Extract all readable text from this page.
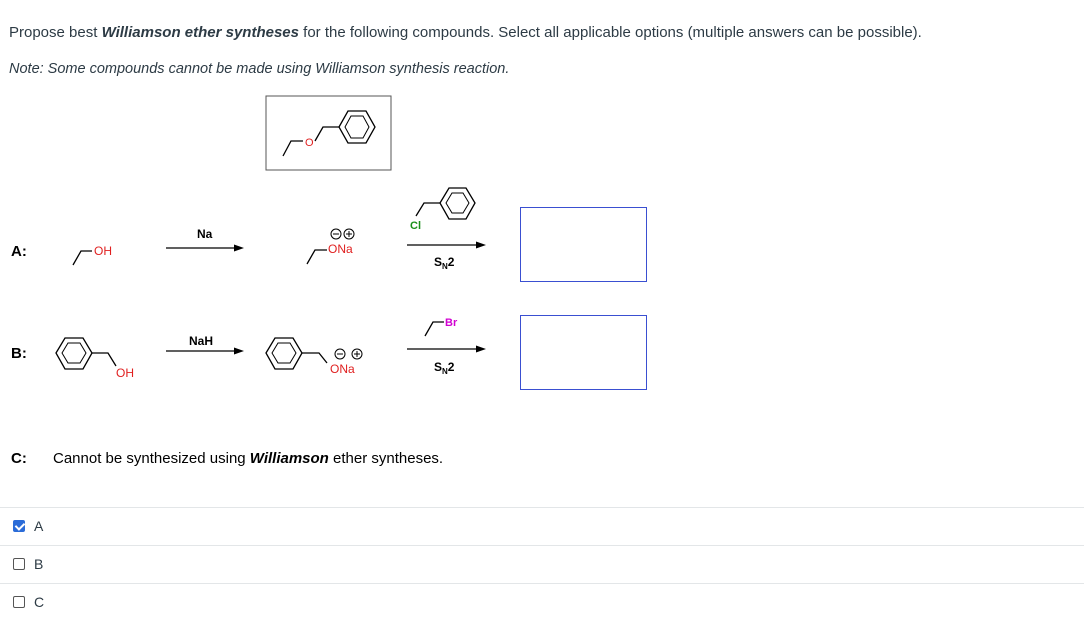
Propose best Williamson ether syntheses for the following compounds. Select all applicable options (multiple answers can be possible).
Note: Some compounds cannot be made using Williamson synthesis reaction.
O
OH
Na
ONa
Cl
$S_N2$
OH
NaH
ONa
Br
$S_N2$
A:
B:
C: Cannot be synthesized using Williamson ether syntheses.
A
B
C
